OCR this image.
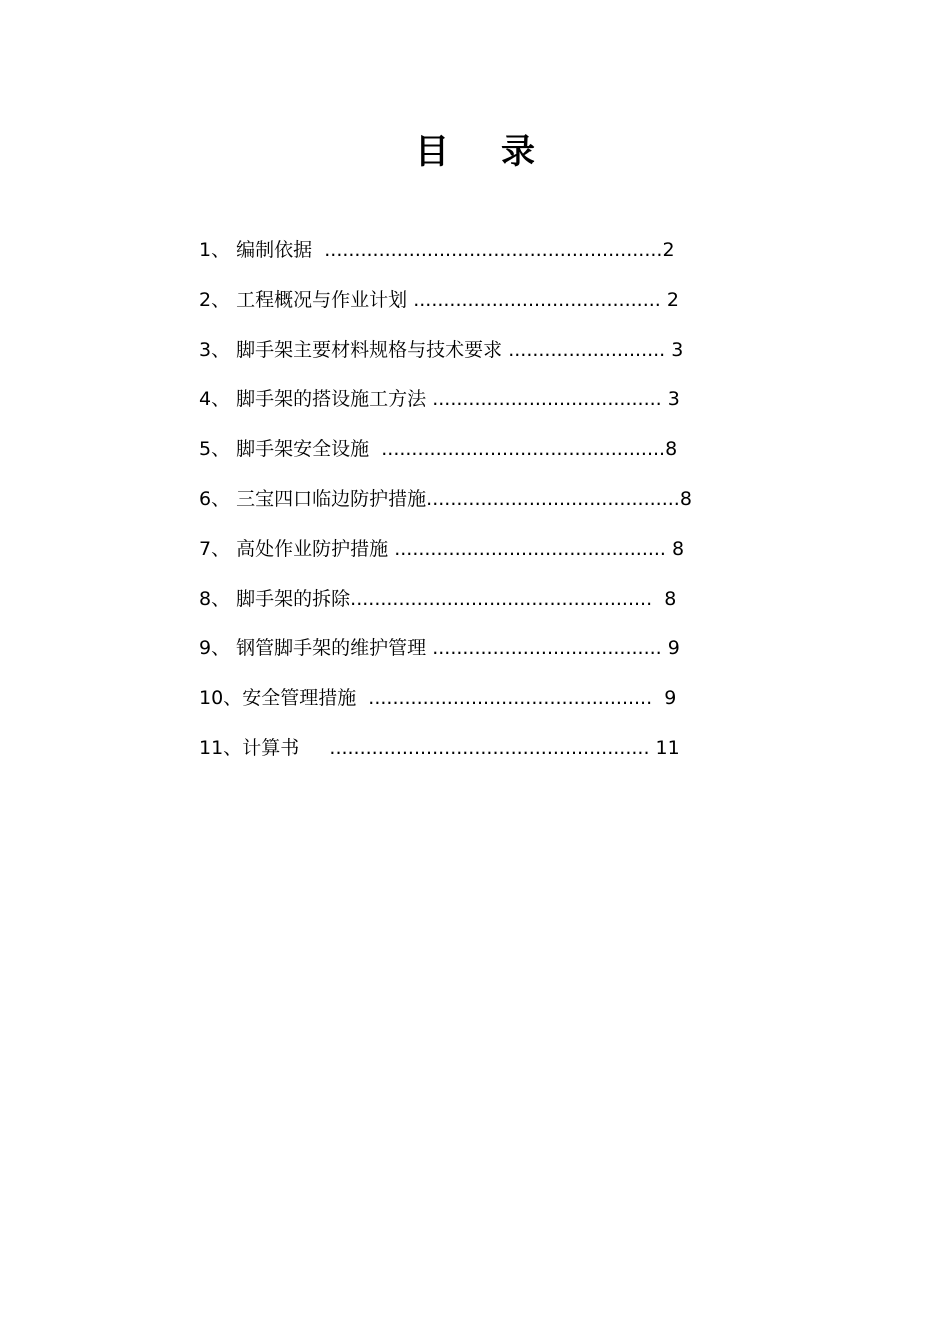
目 录
1、 编制依据  ........................................................2
2、 工程概况与作业计划 ......................................... 2
3、 脚手架主要材料规格与技术要求 .......................... 3
4、 脚手架的搭设施工方法 ...................................... 3
5、 脚手架安全设施  ...............................................8
6、 三宝四口临边防护措施..........................................8
7、 高处作业防护措施 ............................................. 8
8、 脚手架的拆除..................................................  8
9、 钢管脚手架的维护管理 ...................................... 9
10、安全管理措施  ...............................................  9
11、计算书     ..................................................... 11
